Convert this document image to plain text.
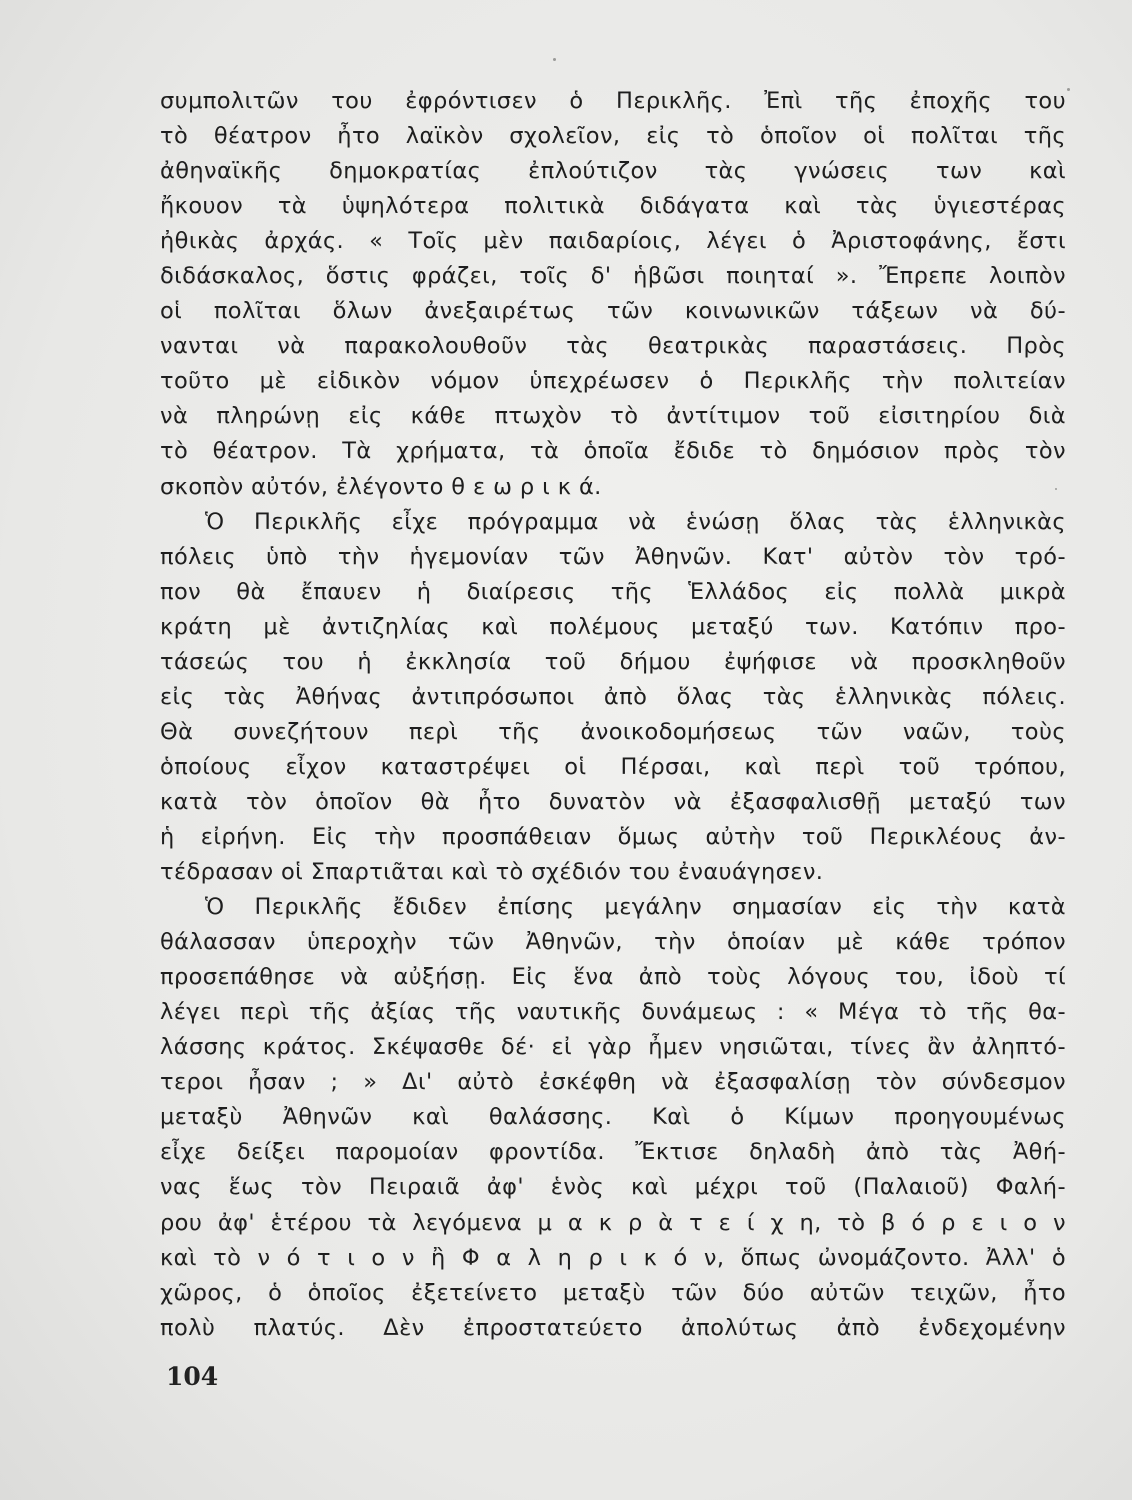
συμπολιτῶν του ἐφρόντισεν ὁ Περικλῆς. Ἐπὶ τῆς ἐποχῆς του
τὸ θέατρον ἦτο λαϊκὸν σχολεῖον, εἰς τὸ ὁποῖον οἱ πολῖται τῆς
ἀθηναϊκῆς δημοκρατίας ἐπλούτιζον τὰς γνώσεις των καὶ
ἤκουον τὰ ὑψηλότερα πολιτικὰ διδάγατα καὶ τὰς ὑγιεστέρας
ἠθικὰς ἀρχάς. « Τοῖς μὲν παιδαρίοις, λέγει ὁ Ἀριστοφάνης, ἔστι
διδάσκαλος, ὅστις φράζει, τοῖς δ' ἡβῶσι ποιηταί ». Ἔπρεπε λοιπὸν
οἱ πολῖται ὅλων ἀνεξαιρέτως τῶν κοινωνικῶν τάξεων νὰ δύ-
νανται νὰ παρακολουθοῦν τὰς θεατρικὰς παραστάσεις. Πρὸς
τοῦτο μὲ εἰδικὸν νόμον ὑπεχρέωσεν ὁ Περικλῆς τὴν πολιτείαν
νὰ πληρώνῃ εἰς κάθε πτωχὸν τὸ ἀντίτιμον τοῦ εἰσιτηρίου διὰ
τὸ θέατρον. Τὰ χρήματα, τὰ ὁποῖα ἔδιδε τὸ δημόσιον πρὸς τὸν
σκοπὸν αὐτόν, ἐλέγοντο θ ε ω ρ ι κ ά.
Ὁ Περικλῆς εἶχε πρόγραμμα νὰ ἑνώσῃ ὅλας τὰς ἑλληνικὰς
πόλεις ὑπὸ τὴν ἡγεμονίαν τῶν Ἀθηνῶν. Κατ' αὐτὸν τὸν τρό-
πον θὰ ἔπαυεν ἡ διαίρεσις τῆς Ἑλλάδος εἰς πολλὰ μικρὰ
κράτη μὲ ἀντιζηλίας καὶ πολέμους μεταξύ των. Κατόπιν προ-
τάσεώς του ἡ ἐκκλησία τοῦ δήμου ἐψήφισε νὰ προσκληθοῦν
εἰς τὰς Ἀθήνας ἀντιπρόσωποι ἀπὸ ὅλας τὰς ἑλληνικὰς πόλεις.
Θὰ συνεζήτουν περὶ τῆς ἀνοικοδομήσεως τῶν ναῶν, τοὺς
ὁποίους εἶχον καταστρέψει οἱ Πέρσαι, καὶ περὶ τοῦ τρόπου,
κατὰ τὸν ὁποῖον θὰ ἦτο δυνατὸν νὰ ἐξασφαλισθῇ μεταξύ των
ἡ εἰρήνη. Εἰς τὴν προσπάθειαν ὅμως αὐτὴν τοῦ Περικλέους ἀν-
τέδρασαν οἱ Σπαρτιᾶται καὶ τὸ σχέδιόν του ἐναυάγησεν.
Ὁ Περικλῆς ἔδιδεν ἐπίσης μεγάλην σημασίαν εἰς τὴν κατὰ
θάλασσαν ὑπεροχὴν τῶν Ἀθηνῶν, τὴν ὁποίαν μὲ κάθε τρόπον
προσεπάθησε νὰ αὐξήσῃ. Εἰς ἕνα ἀπὸ τοὺς λόγους του, ἰδοὺ τί
λέγει περὶ τῆς ἀξίας τῆς ναυτικῆς δυνάμεως : « Μέγα τὸ τῆς θα-
λάσσης κράτος. Σκέψασθε δέ· εἰ γὰρ ἦμεν νησιῶται, τίνες ἂν ἀληπτό-
τεροι ἦσαν ; » Δι' αὐτὸ ἐσκέφθη νὰ ἐξασφαλίσῃ τὸν σύνδεσμον
μεταξὺ Ἀθηνῶν καὶ θαλάσσης. Καὶ ὁ Κίμων προηγουμένως
εἶχε δείξει παρομοίαν φροντίδα. Ἔκτισε δηλαδὴ ἀπὸ τὰς Ἀθή-
νας ἕως τὸν Πειραιᾶ ἀφ' ἑνὸς καὶ μέχρι τοῦ (Παλαιοῦ) Φαλή-
ρου ἀφ' ἑτέρου τὰ λεγόμενα μ α κ ρ ὰ τ ε ί χ η, τὸ β ό ρ ε ι ο ν
καὶ τὸ ν ό τ ι ο ν ἢ Φ α λ η ρ ι κ ό ν, ὅπως ὠνομάζοντο. Ἀλλ' ὁ
χῶρος, ὁ ὁποῖος ἐξετείνετο μεταξὺ τῶν δύο αὐτῶν τειχῶν, ἦτο
πολὺ πλατύς. Δὲν ἐπροστατεύετο ἀπολύτως ἀπὸ ἐνδεχομένην
104
